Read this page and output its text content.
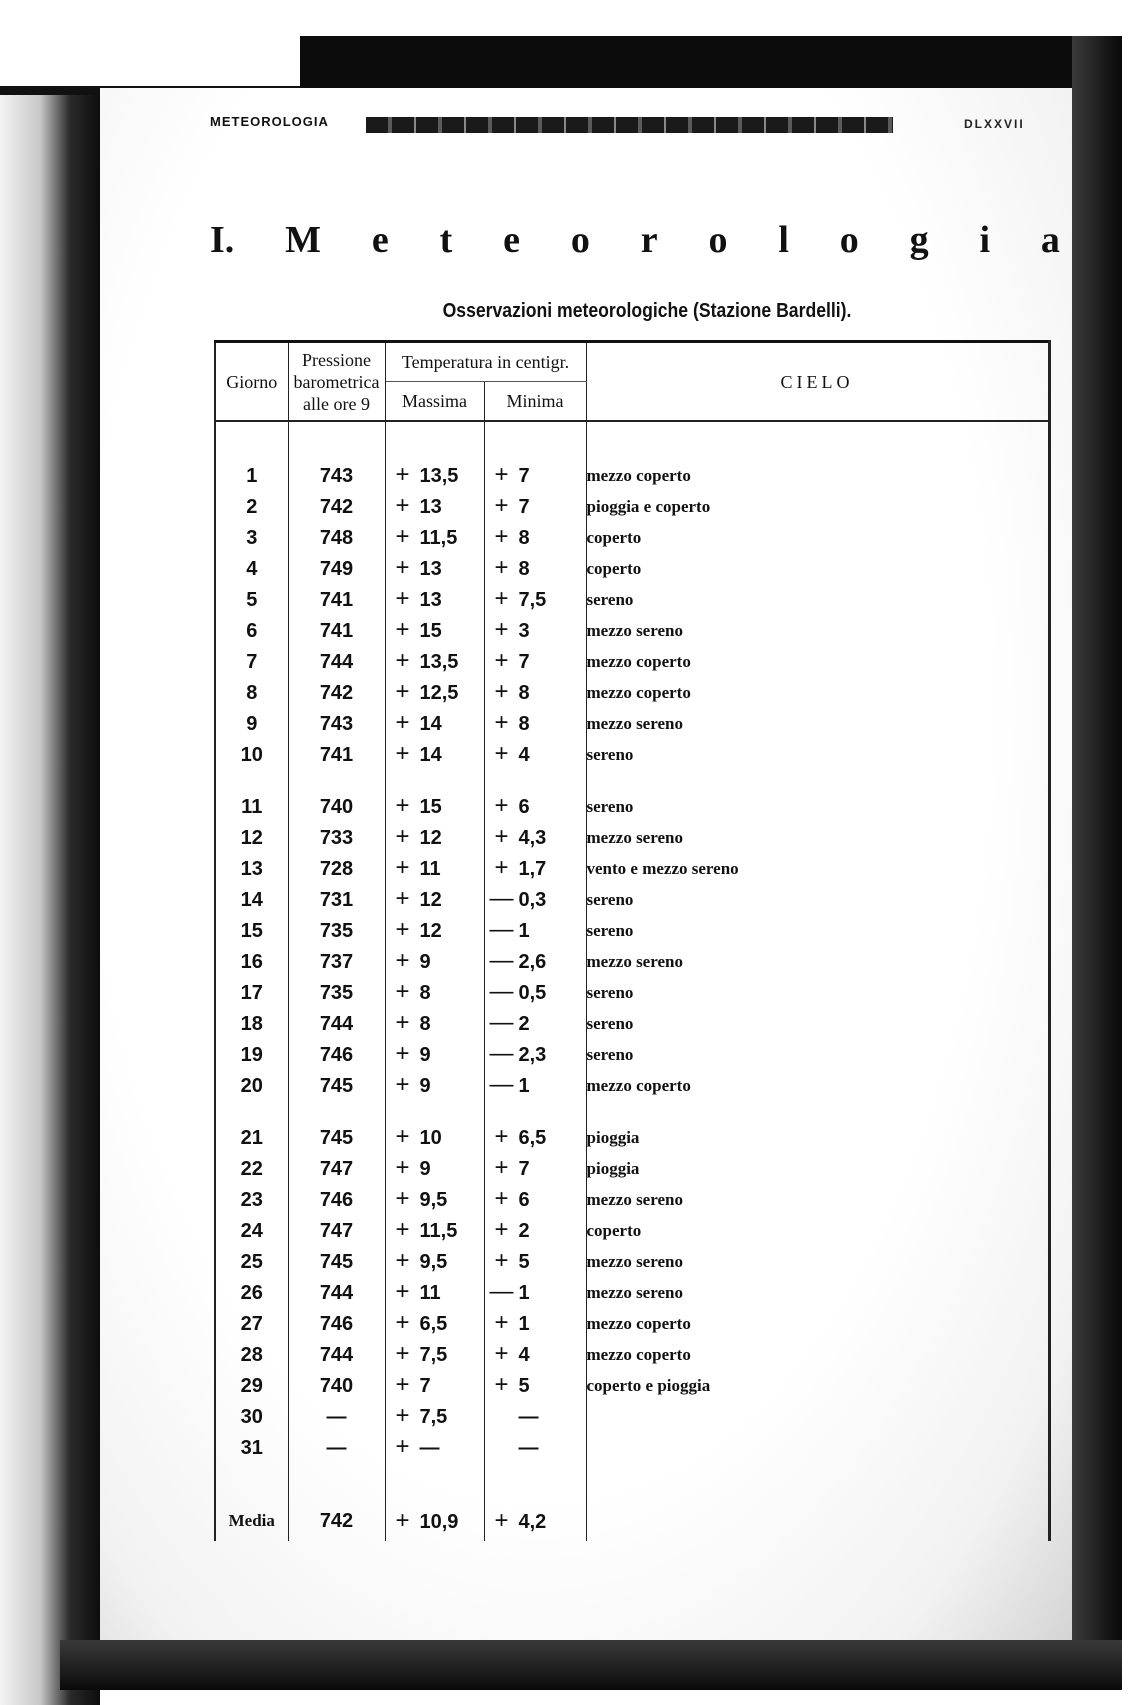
METEOROLOGIA	DLXXVII
I. M e t e o r o l o g i a
Osservazioni meteorologiche (Stazione Bardelli).
Giorno	Pressione
barometrica
alle ore 9	Temperatura in centigr.		CIELO
		Massima	Minima	

1	743	+ 13,5	+ 7	mezzo coperto
2	742	+ 13	+ 7	pioggia e coperto
3	748	+ 11,5	+ 8	coperto
4	749	+ 13	+ 8	coperto
5	741	+ 13	+ 7,5	sereno
6	741	+ 15	+ 3	mezzo sereno
7	744	+ 13,5	+ 7	mezzo coperto
8	742	+ 12,5	+ 8	mezzo coperto
9	743	+ 14	+ 8	mezzo sereno
10	741	+ 14	+ 4	sereno

11	740	+ 15	+ 6	sereno
12	733	+ 12	+ 4,3	mezzo sereno
13	728	+ 11	+ 1,7	vento e mezzo sereno
14	731	+ 12	— 0,3	sereno
15	735	+ 12	— 1	sereno
16	737	+ 9	— 2,6	mezzo sereno
17	735	+ 8	— 0,5	sereno
18	744	+ 8	— 2	sereno
19	746	+ 9	— 2,3	sereno
20	745	+ 9	— 1	mezzo coperto

21	745	+ 10	+ 6,5	pioggia
22	747	+ 9	+ 7	pioggia
23	746	+ 9,5	+ 6	mezzo sereno
24	747	+ 11,5	+ 2	coperto
25	745	+ 9,5	+ 5	mezzo sereno
26	744	+ 11	— 1	mezzo sereno
27	746	+ 6,5	+ 1	mezzo coperto
28	744	+ 7,5	+ 4	mezzo coperto
29	740	+ 7	+ 5	coperto e pioggia
30	—	+ 7,5	—	
31	—	+ —	—	

Media	742	+ 10,9	+ 4,2	
